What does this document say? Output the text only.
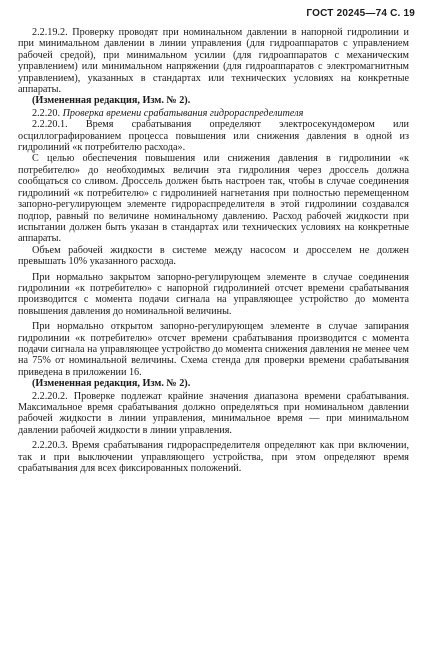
ГОСТ 20245—74 С. 19

2.2.19.2. Проверку проводят при номинальном давлении в напорной гидролинии и при минимальном давлении в линии управления (для гидроаппаратов с управлением рабочей средой), при минимальном усилии (для гидроаппаратов с механическим управлением) или минимальном напряжении (для гидроаппаратов с электромагнитным управлением), указанных в стандартах или технических условиях на конкретные аппараты.

(Измененная редакция, Изм. № 2).

2.2.20. Проверка времени срабатывания гидрораспределителя

2.2.20.1. Время срабатывания определяют электросекундомером или осциллографированием процесса повышения или снижения давления в одной из гидролиний «к потребителю расхода».

С целью обеспечения повышения или снижения давления в гидролинии «к потребителю» до необходимых величин эта гидролиния через дроссель должна сообщаться со сливом. Дроссель должен быть настроен так, чтобы в случае соединения гидролиний «к потребителю» с гидролинией нагнетания при полностью перемещенном запорно-регулирующем элементе гидрораспределителя в этой гидролинии создавался подпор, равный по величине номинальному давлению. Расход рабочей жидкости при испытании должен быть указан в стандартах или технических условиях на конкретные аппараты.

Объем рабочей жидкости в системе между насосом и дросселем не должен превышать 10% указанного расхода.

При нормально закрытом запорно-регулирующем элементе в случае соединения гидролинии «к потребителю» с напорной гидролинией отсчет времени срабатывания производится с момента подачи сигнала на управляющее устройство до момента повышения давления до номинальной величины.

При нормально открытом запорно-регулирующем элементе в случае запирания гидролинии «к потребителю» отсчет времени срабатывания производится с момента подачи сигнала на управляющее устройство до момента снижения давления не менее чем на 75% от номинальной величины. Схема стенда для проверки времени срабатывания приведена в приложении 16.

(Измененная редакция, Изм. № 2).

2.2.20.2. Проверке подлежат крайние значения диапазона времени срабатывания. Максимальное время срабатывания должно определяться при номинальном давлении рабочей жидкости в линии управления, минимальное время — при минимальном давлении рабочей жидкости в линии управления.

2.2.20.3. Время срабатывания гидрораспределителя определяют как при включении, так и при выключении управляющего устройства, при этом определяют время срабатывания для всех фиксированных положений.
